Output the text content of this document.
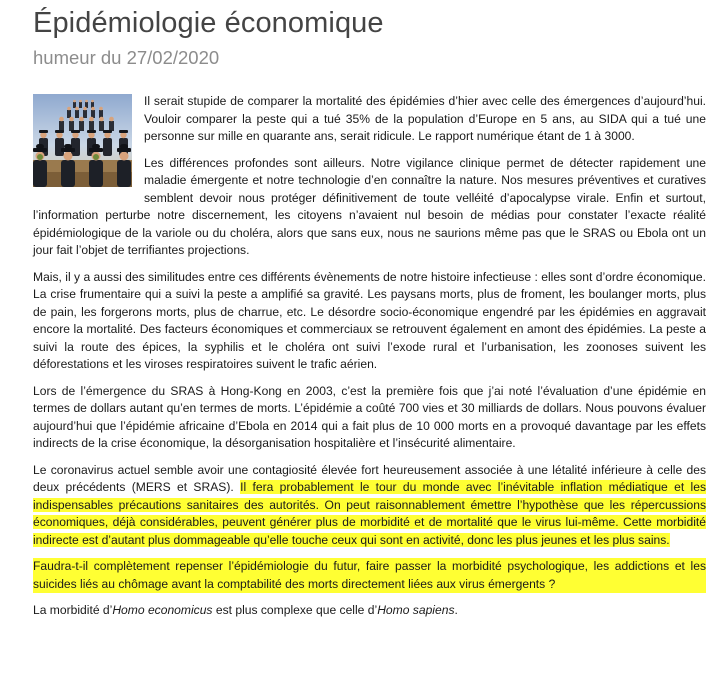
Épidémiologie économique
humeur du 27/02/2020

Il serait stupide de comparer la mortalité des épidémies d’hier avec celle des émergences d’aujourd’hui. Vouloir comparer la peste qui a tué 35% de la population d’Europe en 5 ans, au SIDA qui a tué une personne sur mille en quarante ans, serait ridicule. Le rapport numérique étant de 1 à 3000.

Les différences profondes sont ailleurs. Notre vigilance clinique permet de détecter rapidement une maladie émergente et notre technologie d’en connaître la nature. Nos mesures préventives et curatives semblent devoir nous protéger définitivement de toute velléité d’apocalypse virale. Enfin et surtout, l’information perturbe notre discernement, les citoyens n’avaient nul besoin de médias pour constater l’exacte réalité épidémiologique de la variole ou du choléra, alors que sans eux, nous ne saurions même pas que le SRAS ou Ebola ont un jour fait l’objet de terrifiantes projections.

Mais, il y a aussi des similitudes entre ces différents évènements de notre histoire infectieuse : elles sont d’ordre économique. La crise frumentaire qui a suivi la peste a amplifié sa gravité. Les paysans morts, plus de froment, les boulanger morts, plus de pain, les forgerons morts, plus de charrue, etc. Le désordre socio-économique engendré par les épidémies en aggravait encore la mortalité. Des facteurs économiques et commerciaux se retrouvent également en amont des épidémies. La peste a suivi la route des épices, la syphilis et le choléra ont suivi l’exode rural et l’urbanisation, les zoonoses suivent les déforestations et les viroses respiratoires suivent le trafic aérien.

Lors de l’émergence du SRAS à Hong-Kong en 2003, c’est la première fois que j’ai noté l’évaluation d’une épidémie en termes de dollars autant qu’en termes de morts. L’épidémie a coûté 700 vies et 30 milliards de dollars. Nous pouvons évaluer aujourd’hui que l’épidémie africaine d’Ebola en 2014 qui a fait plus de 10 000 morts en a provoqué davantage par les effets indirects de la crise économique, la désorganisation hospitalière et l’insécurité alimentaire.

Le coronavirus actuel semble avoir une contagiosité élevée fort heureusement associée à une létalité inférieure à celle des deux précédents (MERS et SRAS). Il fera probablement le tour du monde avec l’inévitable inflation médiatique et les indispensables précautions sanitaires des autorités. On peut raisonnablement émettre l’hypothèse que les répercussions économiques, déjà considérables, peuvent générer plus de morbidité et de mortalité que le virus lui-même. Cette morbidité indirecte est d’autant plus dommageable qu’elle touche ceux qui sont en activité, donc les plus jeunes et les plus sains.

Faudra-t-il complètement repenser l’épidémiologie du futur, faire passer la morbidité psychologique, les addictions et les suicides liés au chômage avant la comptabilité des morts directement liées aux virus émergents ?

La morbidité d’Homo economicus est plus complexe que celle d’Homo sapiens.
